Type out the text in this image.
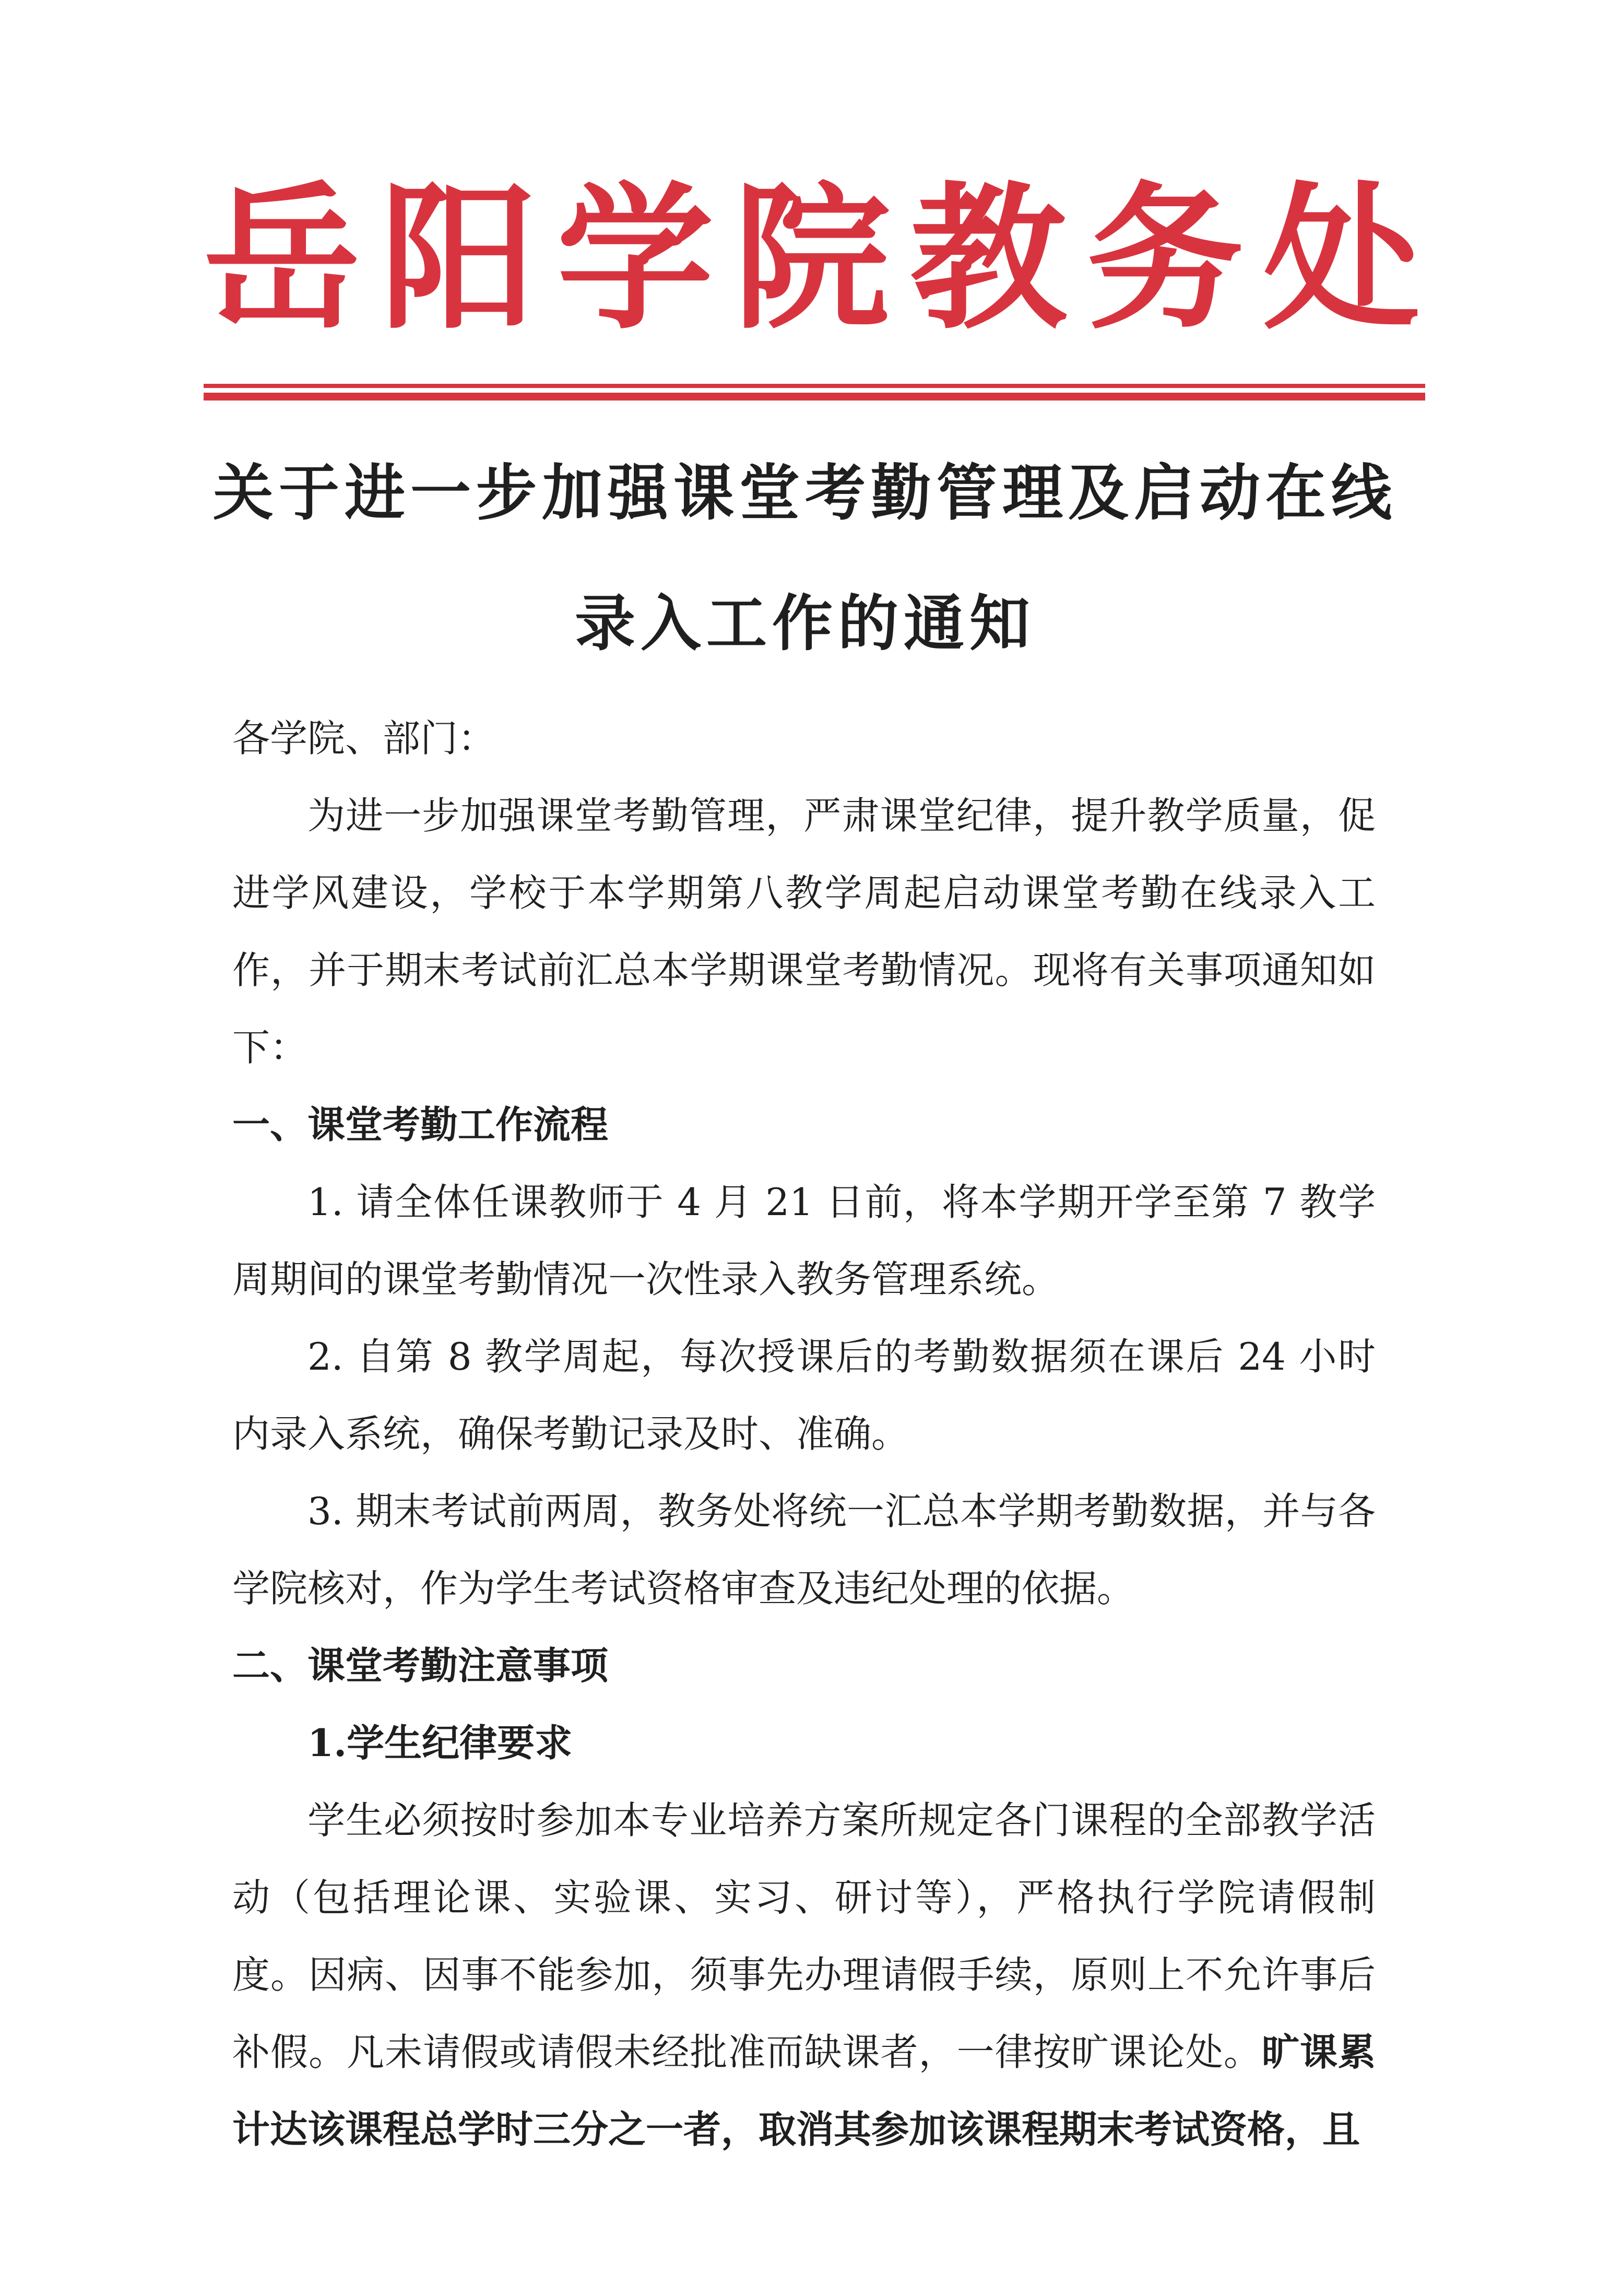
岳 阳 学 院 教 务 处
关于进一步加强课堂考勤管理及启动在线
录入工作的通知

各学院、部门：

为进一步加强课堂考勤管理，严肃课堂纪律，提升教学质量，促进学风建设，学校于本学期第八教学周起启动课堂考勤在线录入工作，并于期末考试前汇总本学期课堂考勤情况。现将有关事项通知如下：

一、课堂考勤工作流程

1. 请全体任课教师于 4 月 21 日前，将本学期开学至第 7 教学周期间的课堂考勤情况一次性录入教务管理系统。

2. 自第 8 教学周起，每次授课后的考勤数据须在课后 24 小时内录入系统，确保考勤记录及时、准确。

3. 期末考试前两周，教务处将统一汇总本学期考勤数据，并与各学院核对，作为学生考试资格审查及违纪处理的依据。

二、课堂考勤注意事项

1.学生纪律要求

学生必须按时参加本专业培养方案所规定各门课程的全部教学活动（包括理论课、实验课、实习、研讨等），严格执行学院请假制度。因病、因事不能参加，须事先办理请假手续，原则上不允许事后补假。凡未请假或请假未经批准而缺课者，一律按旷课论处。旷课累计达该课程总学时三分之一者，取消其参加该课程期末考试资格，且
